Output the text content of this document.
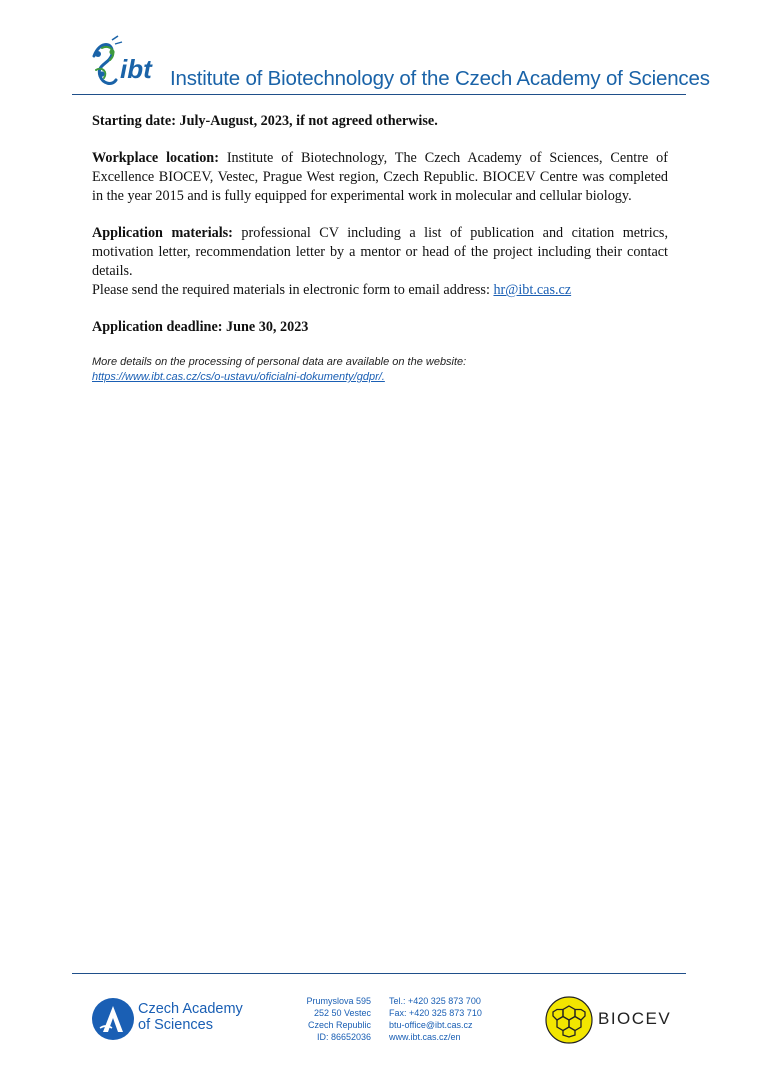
ibt Institute of Biotechnology of the Czech Academy of Sciences

Starting date: July-August, 2023, if not agreed otherwise.

Workplace location: Institute of Biotechnology, The Czech Academy of Sciences, Centre of Excellence BIOCEV, Vestec, Prague West region, Czech Republic. BIOCEV Centre was completed in the year 2015 and is fully equipped for experimental work in molecular and cellular biology.

Application materials: professional CV including a list of publication and citation metrics, motivation letter, recommendation letter by a mentor or head of the project including their contact details.

Please send the required materials in electronic form to email address: hr@ibt.cas.cz

Application deadline: June 30, 2023

More details on the processing of personal data are available on the website:
https://www.ibt.cas.cz/cs/o-ustavu/oficialni-dokumenty/gdpr/.

Czech Academy
of Sciences
Prumyslova 595
252 50 Vestec
Czech Republic
ID: 86652036
Tel.: +420 325 873 700
Fax: +420 325 873 710
btu-office@ibt.cas.cz
www.ibt.cas.cz/en
BIOCEV
